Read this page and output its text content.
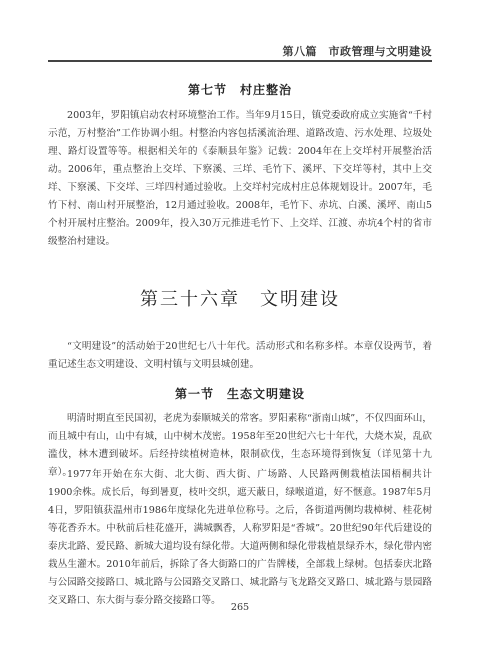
第八篇　市政管理与文明建设
第七节　村庄整治

2003年，罗阳镇启动农村环境整治工作。当年9月15日，镇党委政府成立实施省“千村示范，万村整治”工作协调小组。村整治内容包括溪流治理、道路改造、污水处理、垃圾处理、路灯设置等等。根据相关年的《泰顺县年鉴》记载：2004年在上交垟村开展整治活动。2006年，重点整治上交垟、下察溪、三垟、毛竹下、溪坪、下交垟等村，其中上交垟、下察溪、下交垟、三垟四村通过验收。上交垟村完成村庄总体规划设计。2007年，毛竹下村、南山村开展整治，12月通过验收。2008年，毛竹下、赤坑、白溪、溪坪、南山5个村开展村庄整治。2009年，投入30万元推进毛竹下、上交垟、江渡、赤坑4个村的省市级整治村建设。

第三十六章　文明建设

“文明建设”的活动始于20世纪七八十年代。活动形式和名称多样。本章仅设两节，着重记述生态文明建设、文明村镇与文明县城创建。

第一节　生态文明建设

明清时期直至民国初，老虎为泰顺城关的常客。罗阳素称“浙南山城”，不仅四面环山，而且城中有山，山中有城，山中树木茂密。1958年至20世纪六七十年代，大烧木炭，乱砍滥伐，林木遭到破坏。后经持续植树造林，限制砍伐，生态环境得到恢复（详见第十九章）。

1977年开始在东大街、北大街、西大街、广场路、人民路两侧栽植法国梧桐共计1900余株。成长后，每到暑夏，枝叶交织，遮天蔽日，绿喉道道，好不惬意。1987年5月4日，罗阳镇获温州市1986年度绿化先进单位称号。之后，各街道两侧均栽樟树、桂花树等花香乔木。中秋前后桂花盛开，满城飘香，人称罗阳是“香城”。20世纪90年代后建设的泰庆北路、爱民路、新城大道均设有绿化带。大道两侧和绿化带栽植景绿乔木，绿化带内密栽丛生灌木。2010年前后，拆除了各大街路口的广告牌楼，全部栽上绿树。包括泰庆北路与公园路交接路口、城北路与公园路交叉路口、城北路与飞龙路交叉路口、城北路与景园路交叉路口、东大街与泰分路交接路口等。

265
